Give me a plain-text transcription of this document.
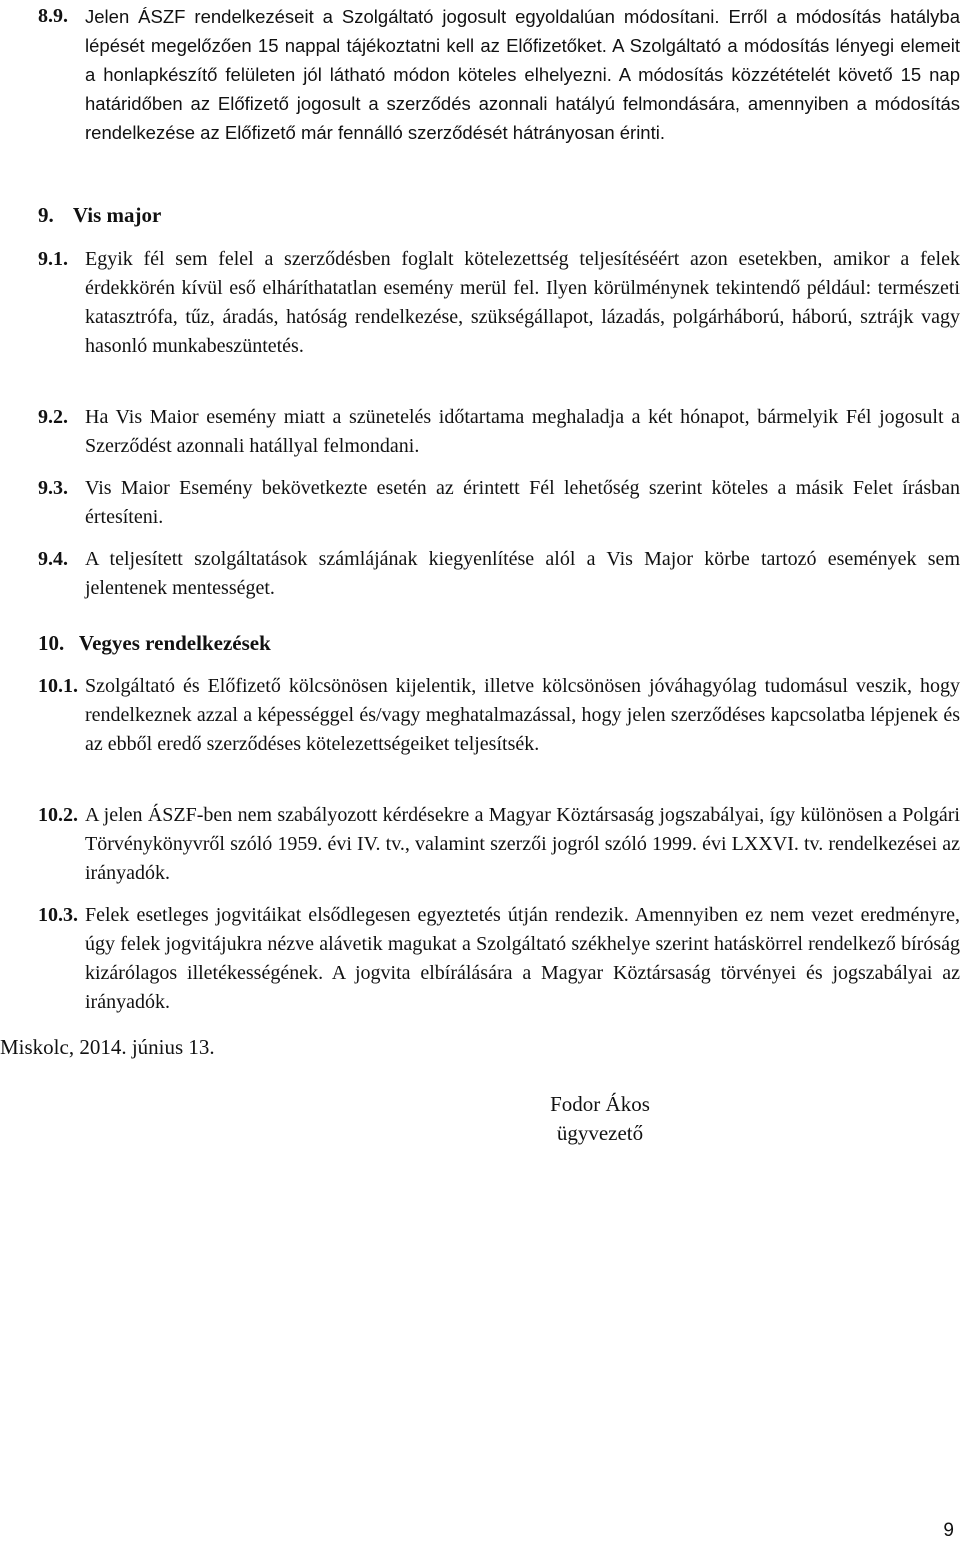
8.9. Jelen ÁSZF rendelkezéseit a Szolgáltató jogosult egyoldalúan módosítani. Erről a módosítás hatályba lépését megelőzően 15 nappal tájékoztatni kell az Előfizetőket. A Szolgáltató a módosítás lényegi elemeit a honlapkészítő felületen jól látható módon köteles elhelyezni. A módosítás közzétételét követő 15 nap határidőben az Előfizető jogosult a szerződés azonnali hatályú felmondására, amennyiben a módosítás rendelkezése az Előfizető már fennálló szerződését hátrányosan érinti.
9. Vis major
9.1. Egyik fél sem felel a szerződésben foglalt kötelezettség teljesítéséért azon esetekben, amikor a felek érdekkörén kívül eső elháríthatatlan esemény merül fel. Ilyen körülménynek tekintendő például: természeti katasztrófa, tűz, áradás, hatóság rendelkezése, szükségállapot, lázadás, polgárháború, háború, sztrájk vagy hasonló munkabeszüntetés.
9.2. Ha Vis Maior esemény miatt a szünetelés időtartama meghaladja a két hónapot, bármelyik Fél jogosult a Szerződést azonnali hatállyal felmondani.
9.3. Vis Maior Esemény bekövetkezte esetén az érintett Fél lehetőség szerint köteles a másik Felet írásban értesíteni.
9.4. A teljesített szolgáltatások számlájának kiegyenlítése alól a Vis Major körbe tartozó események sem jelentenek mentességet.
10. Vegyes rendelkezések
10.1. Szolgáltató és Előfizető kölcsönösen kijelentik, illetve kölcsönösen jóváhagyólag tudomásul veszik, hogy rendelkeznek azzal a képességgel és/vagy meghatalmazással, hogy jelen szerződéses kapcsolatba lépjenek és az ebből eredő szerződéses kötelezettségeiket teljesítsék.
10.2. A jelen ÁSZF-ben nem szabályozott kérdésekre a Magyar Köztársaság jogszabályai, így különösen a Polgári Törvénykönyvről szóló 1959. évi IV. tv., valamint szerzői jogról szóló 1999. évi LXXVI. tv. rendelkezései az irányadók.
10.3. Felek esetleges jogvitáikat elsődlegesen egyeztetés útján rendezik. Amennyiben ez nem vezet eredményre, úgy felek jogvitájukra nézve alávetik magukat a Szolgáltató székhelye szerint hatáskörrel rendelkező bíróság kizárólagos illetékességének. A jogvita elbírálására a Magyar Köztársaság törvényei és jogszabályai az irányadók.
Miskolc, 2014. június 13.
Fodor Ákos
ügyvezető
9
